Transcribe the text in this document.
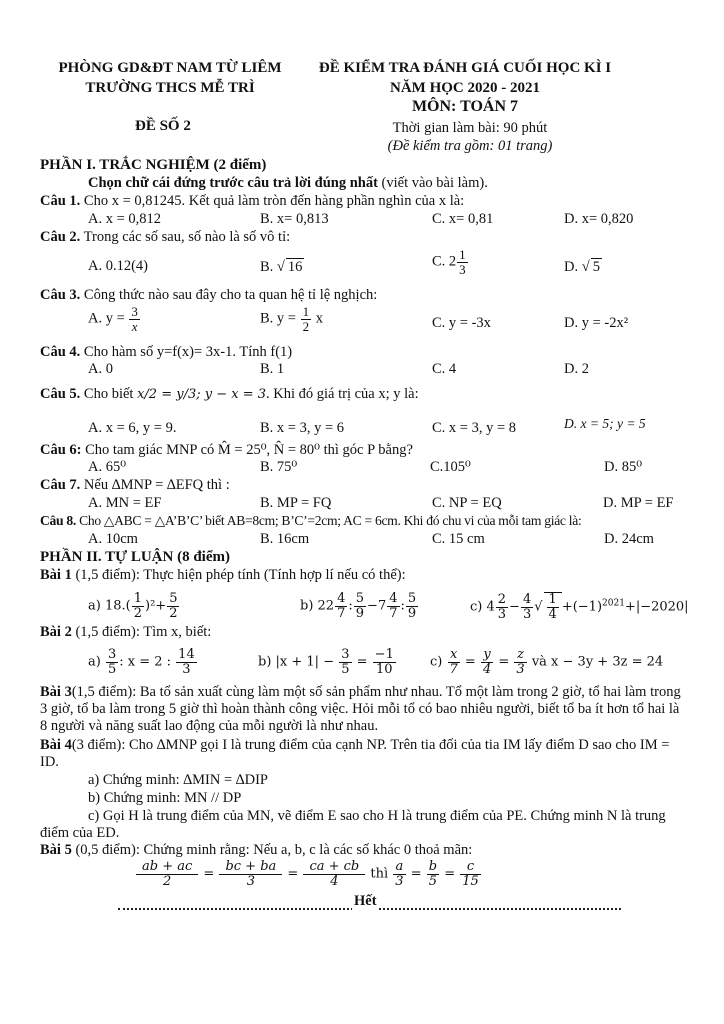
PHÒNG GD&ĐT NAM TỪ LIÊM
TRƯỜNG THCS MỄ TRÌ
ĐỀ SỐ 2
ĐỀ KIỂM TRA ĐÁNH GIÁ CUỐI HỌC KÌ I
NĂM HỌC 2020 - 2021
MÔN: TOÁN 7
Thời gian làm bài: 90 phút
(Đề kiểm tra gồm: 01 trang)
PHẦN I. TRẮC NGHIỆM (2 điểm)
Chọn chữ cái đứng trước câu trả lời đúng nhất (viết vào bài làm).
Câu 1. Cho x = 0,81245. Kết quả làm tròn đến hàng phần nghìn của x là:
A. x = 0,812	B. x= 0,813	C. x= 0,81	D. x= 0,820
Câu 2. Trong các số sau, số nào là số vô tỉ:
A. 0.12(4)	B. √ 16	C. $2 \frac{1}{3}$	D. √ 5
Câu 3. Công thức nào sau đây cho ta quan hệ tỉ lệ nghịch:
A. $y = \frac{3}{x}$	B. $y = \frac{1}{2}$ x	C. y = -3x	D. y = -2x²
Câu 4. Cho hàm số y=f(x)= 3x-1. Tính f(1)
A. 0	B. 1	C. 4	D. 2
Câu 5. Cho biết x/2 = y/3; y − x = 3. Khi đó giá trị của x; y là:
A. x = 6, y = 9.	B. x = 3, y = 6	C. x = 3, y = 8	D. x = 5; y = 5
Câu 6: Cho tam giác MNP có M̂ = 25⁰, N̂ = 80⁰ thì góc P bằng?
A. 65⁰	B. 75⁰	C.105⁰	D. 85⁰
Câu 7. Nếu ∆MNP = ∆EFQ thì :
A. MN = EF	B. MP = FQ	C. NP = EQ	D. MP = EF
Câu 8. Cho △ABC = △A’B’C’ biết AB=8cm; B’C’=2cm; AC = 6cm. Khi đó chu vi của mỗi tam giác là:
A. 10cm	B. 16cm	C. 15 cm	D. 24cm
PHẦN II. TỰ LUẬN (8 điểm)
Bài 1 (1,5 điểm): Thực hiện phép tính (Tính hợp lí nếu có thể):
a) $18.( \frac{1}{2} )^2+ \frac{5}{2}$	b) $22 \frac{4}{7}$ : $\frac{5}{9} -7 \frac{4}{7}$ : $\frac{5}{9}$	c) $4 \frac{2}{3} - \frac{4}{3}$ √ $\frac{1}{4} +(-1)^{2021}+|-2020|$
Bài 2 (1,5 điểm): Tìm x, biết:
$a) \frac{3}{5}$ : x = 2 : $\frac{14}{3}$	b) $|x + 1| - \frac{3}{5} = \frac{-1}{10}$	$c) \frac{x}{7} = \frac{y}{4} = \frac{z}{3}$ và x − 3y + 3z = 24
Bài 3(1,5 điểm): Ba tổ sản xuất cùng làm một số sản phẩm như nhau. Tổ một làm trong 2 giờ, tổ hai làm trong 3 giờ, tổ ba làm trong 5 giờ thì hoàn thành công việc. Hỏi mỗi tổ có bao nhiêu người, biết tổ ba ít hơn tổ hai là 8 người và năng suất lao động của mỗi người là như nhau.
Bài 4(3 điểm): Cho ∆MNP gọi I là trung điểm của cạnh NP. Trên tia đối của tia IM lấy điểm D sao cho IM = ID.
a) Chứng minh: ∆MIN = ∆DIP
b) Chứng minh: MN // DP
c) Gọi H là trung điểm của MN, vẽ điểm E sao cho H là trung điểm của PE. Chứng minh N là trung điểm của ED.
Bài 5 (0,5 điểm): Chứng minh rằng: Nếu a, b, c là các số khác 0 thoả mãn:
$\frac{ab + ac}{2} = \frac{bc + ba}{3} = \frac{ca + cb}{4}$ thì $\frac{a}{3} = \frac{b}{5} = \frac{c}{15}$
Hết
